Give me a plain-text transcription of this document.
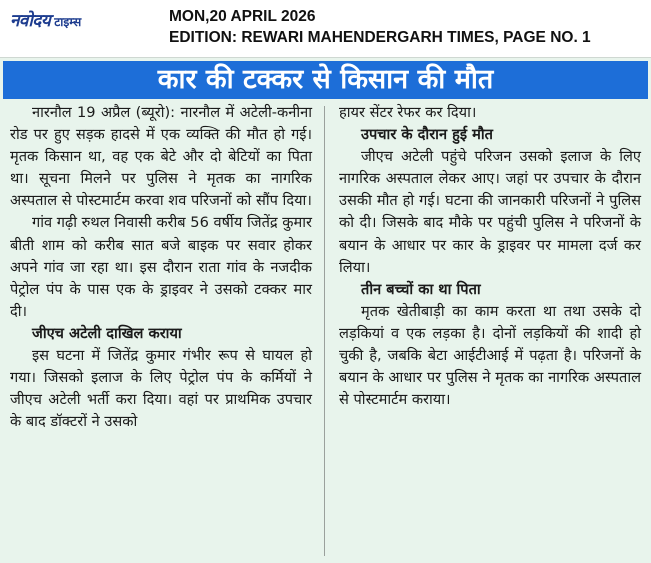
नवोदय टाइम्स	MON,20 APRIL 2026
EDITION: REWARI MAHENDERGARH TIMES, PAGE NO. 1
कार की टक्कर से किसान की मौत

नारनौल 19 अप्रैल (ब्यूरो): नारनौल में अटेली-कनीना रोड पर हुए सड़क हादसे में एक व्यक्ति की मौत हो गई। मृतक किसान था, वह एक बेटे और दो बेटियों का पिता था। सूचना मिलने पर पुलिस ने मृतक का नागरिक अस्पताल से पोस्टमार्टम करवा शव परिजनों को सौंप दिया।

गांव गढ़ी रुथल निवासी करीब 56 वर्षीय जितेंद्र कुमार बीती शाम को करीब सात बजे बाइक पर सवार होकर अपने गांव जा रहा था। इस दौरान राता गांव के नजदीक पेट्रोल पंप के पास एक के ड्राइवर ने उसको टक्कर मार दी।

जीएच अटेली दाखिल कराया

इस घटना में जितेंद्र कुमार गंभीर रूप से घायल हो गया। जिसको इलाज के लिए पेट्रोल पंप के कर्मियों ने जीएच अटेली भर्ती करा दिया। वहां पर प्राथमिक उपचार के बाद डॉक्टरों ने उसको

हायर सेंटर रेफर कर दिया।

उपचार के दौरान हुई मौत

जीएच अटेली पहुंचे परिजन उसको इलाज के लिए नागरिक अस्पताल लेकर आए। जहां पर उपचार के दौरान उसकी मौत हो गई। घटना की जानकारी परिजनों ने पुलिस को दी। जिसके बाद मौके पर पहुंची पुलिस ने परिजनों के बयान के आधार पर कार के ड्राइवर पर मामला दर्ज कर लिया।

तीन बच्चों का था पिता

मृतक खेतीबाड़ी का काम करता था तथा उसके दो लड़कियां व एक लड़का है। दोनों लड़कियों की शादी हो चुकी है, जबकि बेटा आईटीआई में पढ़ता है। परिजनों के बयान के आधार पर पुलिस ने मृतक का नागरिक अस्पताल से पोस्टमार्टम कराया।
